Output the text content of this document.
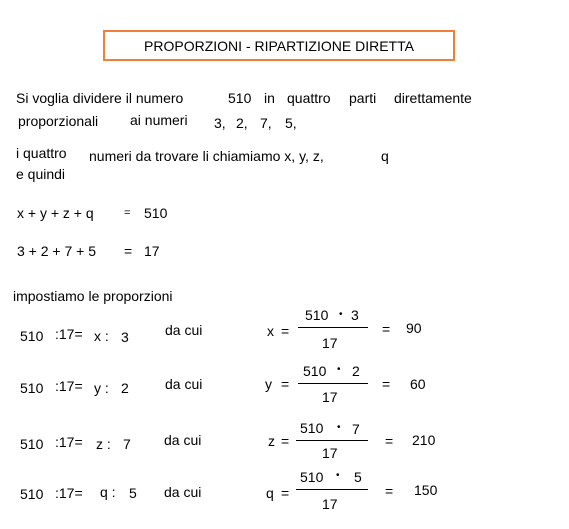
PROPORZIONI - RIPARTIZIONE DIRETTA
Si voglia dividere il numero	510 in quattro parti direttamente
proporzionali ai numeri 3, 2, 7, 5,
i quattro numeri da trovare li chiamiamo x, y, z,	q
e quindi
x + y + z + q	= 510
3 + 2 + 7 + 5 = 17
impostiamo le proporzioni
510 :17= x : 3	da cui	x =
510 • 3
17
= 90
510 :17= y : 2	da cui	y =
510 • 2
17
= 60
510 :17= z : 7 da cui	z =
510 • 7
17
= 210
510 :17= q : 5 da cui	q =
510 • 5
17
= 150
